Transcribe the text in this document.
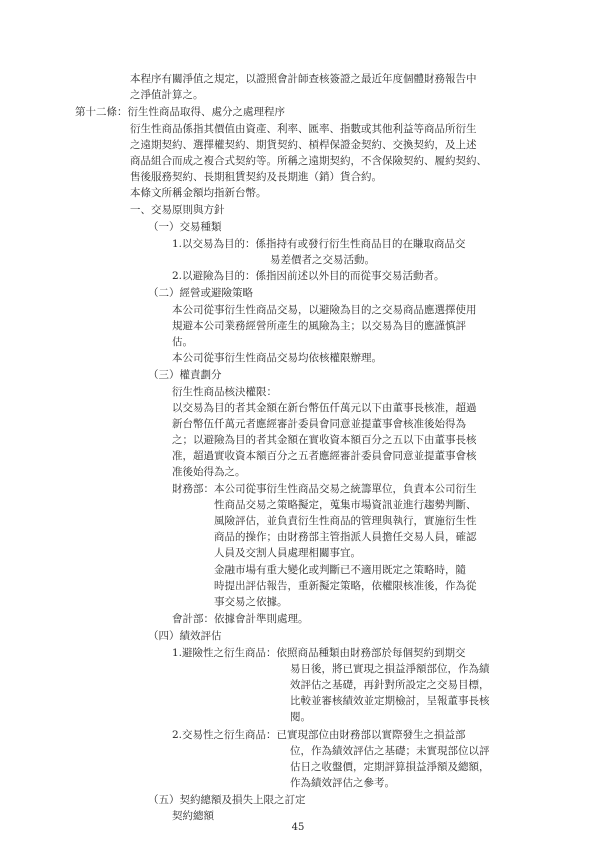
本程序有關淨值之規定，以證照會計師查核簽證之最近年度個體財務報告中
之淨值計算之。
第十二條：衍生性商品取得、處分之處理程序
衍生性商品係指其價值由資產、利率、匯率、指數或其他利益等商品所衍生
之遠期契約、選擇權契約、期貨契約、槓桿保證金契約、交換契約，及上述
商品組合而成之複合式契約等。所稱之遠期契約，不含保險契約、履約契約、
售後服務契約、長期租賃契約及長期進（銷）貨合約。
本條文所稱金額均指新台幣。
一、交易原則與方針
（一）交易種類
1.以交易為目的：係指持有或發行衍生性商品目的在賺取商品交
易差價者之交易活動。
2.以避險為目的：係指因前述以外目的而從事交易活動者。
（二）經營或避險策略
本公司從事衍生性商品交易，以避險為目的之交易商品應選擇使用
規避本公司業務經營所產生的風險為主；以交易為目的應謹慎評
估。
本公司從事衍生性商品交易均依核權限辦理。
（三）權責劃分
衍生性商品核決權限：
以交易為目的者其金額在新台幣伍仟萬元以下由董事長核准，超過
新台幣伍仟萬元者應經審計委員會同意並提董事會核准後始得為
之；以避險為目的者其金額在實收資本額百分之五以下由董事長核
准，超過實收資本額百分之五者應經審計委員會同意並提董事會核
准後始得為之。
財務部：本公司從事衍生性商品交易之統籌單位，負責本公司衍生
性商品交易之策略擬定，蒐集市場資訊並進行趨勢判斷、
風險評估，並負責衍生性商品的管理與執行，實施衍生性
商品的操作；由財務部主管指派人員擔任交易人員，確認
人員及交割人員處理相關事宜。
金融市場有重大變化或判斷已不適用既定之策略時，隨
時提出評估報告，重新擬定策略，依權限核准後，作為從
事交易之依據。
會計部：依據會計準則處理。
（四）績效評估
1.避險性之衍生商品：依照商品種類由財務部於每個契約到期交
易日後，將已實現之損益淨額部位，作為績
效評估之基礎，再針對所設定之交易目標，
比較並審核績效並定期檢討，呈報董事長核
閱。
2.交易性之衍生商品：已實現部位由財務部以實際發生之損益部
位，作為績效評估之基礎；未實現部位以評
估日之收盤價，定期評算損益淨額及總額，
作為績效評估之參考。
（五）契約總額及損失上限之訂定
契約總額
45
